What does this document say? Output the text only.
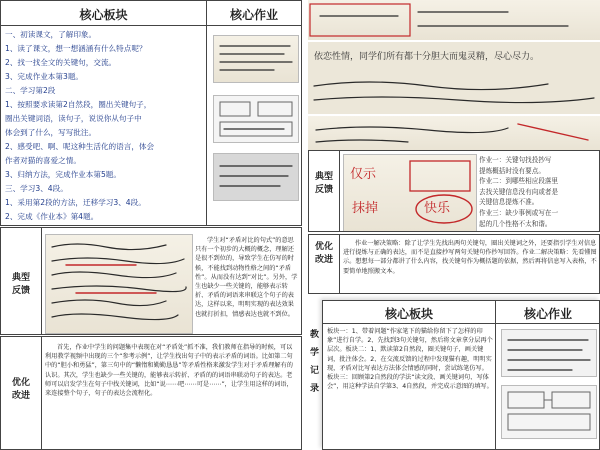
核心板块	核心作业
一、初读课文，了解印象。
1、读了课文，想一想涵涵有什么特点呢？
2、找一找全文的关键句，交流。
3、完成作业本第3题。
二、学习第2段
1、按照要求读第2自然段，圈出关键句子，
圈出关键词语，读句子，说说你从句子中
体会到了什么，写写批注。
2、感受吧、啊、呢这种生活化的语言，体会
作者对猫的喜爱之情。
3、归纳方法，完成作业本第5题。
三、学习3、4段。
1、采用第2段的方法，迁移学习3、4段。
2、完成《作业本》第4题。
典型
反馈
学生对“矛盾对比的句式”的意思只有一个初步的大概的概念，理解还是很不到位的，导致学生在仿写的时候，不能找到动物性格之间的“矛盾性”。从而没有达到“对比”。另外，学生也缺少一些关键的，能够表示转折、矛盾的词语来串联这个句子的表达，这样以来，明明实现的表达效果也就打折扣，情感表达也就不到位。
优化
改进
首先，作业中学生的问题集中表现在对“矛盾处”抓不准，我们教师在指导的时候，可以利用教学视频中出现的三个“参考示例”，让学生找出句子中的表示矛盾的词语。比如第二句中的“胆小和勇猛”，第三句中的“懒惰和勤勤恳恳”等矛盾性格来激发学生对于矛盾理解有的认识。其次，学生也缺少一些关键的，能够表示转折、矛盾的的词语串联动句子的表达。老师可以启发学生在句子中找关键词，比如“说⋯⋯吧⋯⋯可是⋯⋯”，让学生用这样的词语，来连接整个句子，句子的表达会流程化。
依恋性情，同学们所有都十分胆大而鬼灵精，尽心尽力。
典型
反馈
仅示
抹掉	快乐
作业一：关键句找投抄写
提炼概括时没有要点。
作业二：到哪些相应段落里
去找关键信息没有向或者是
关键信息提炼不准。
作业三：缺少事例或写在一
起的几个性格不太和谐。
优化
改进
作业一解决策略：除了让学生先找出两句关键句，圈出关键词之外，还要指引学生对信息进行提炼与正确的表达，而不是直接抄写两句关键句作抄写回答。作业二解决策略：先看懂图示。想想每一部分都讲了什么内容，找关键句作为概括题的依据，然后再将信息写入表格，不要简单地照搬文本。
核心板块	核心作业
板块一：1、带着问题“作家笔下的猫给你留下了怎样的印象”进行自学。2、先找到3句关键句，然后将文章拿分层再个层次。板块二：1、默读第2自然段，圈关键句子，画关键词，批注体会。2、在交流反馈的过程中发现猫有趣，明明实现，矛盾对比写表达方法体会情感的同时，尝试练笔仿写。板块三：回顾第2自然段的学法“读文段、画关键词句、写体会”，用这种学法自学第3、4自然段，并完成示意图的填写。
教
学
记
录
